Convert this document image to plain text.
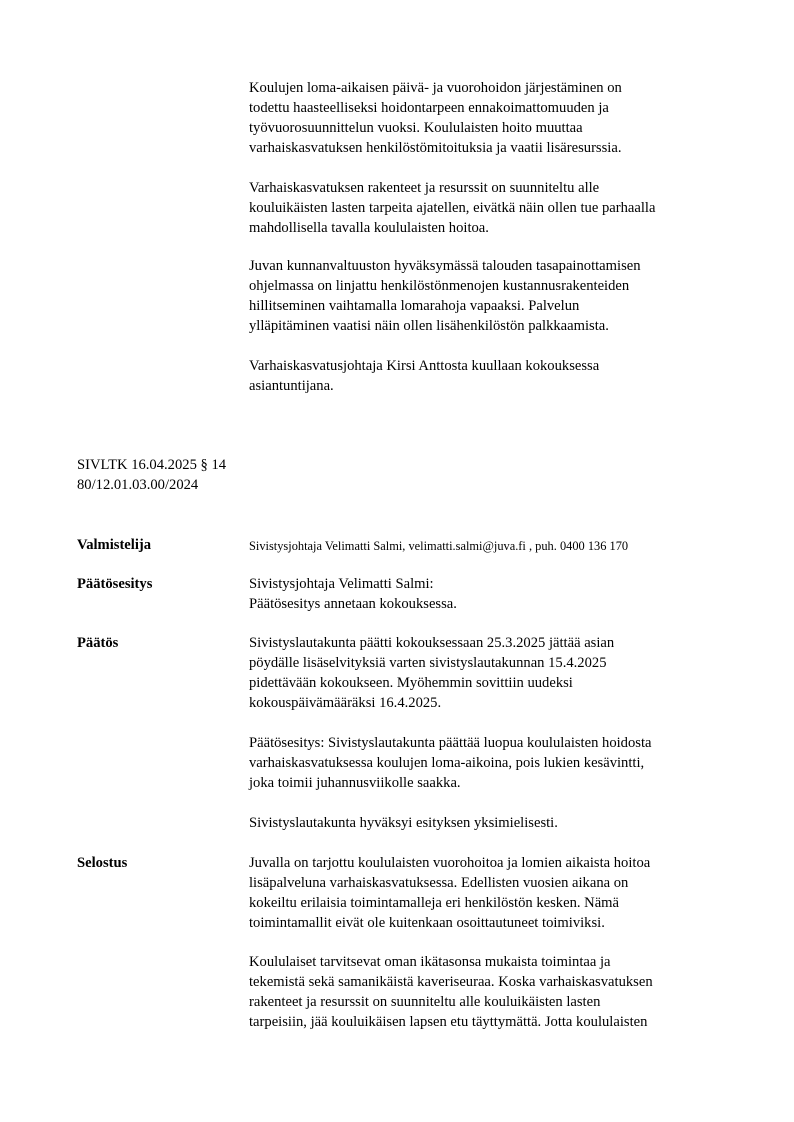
Koulujen loma-aikaisen päivä- ja vuorohoidon järjestäminen on
todettu haasteelliseksi hoidontarpeen ennakoimattomuuden ja
työvuorosuunnittelun vuoksi. Koululaisten hoito muuttaa
varhaiskasvatuksen henkilöstömitoituksia ja vaatii lisäresurssia.
Varhaiskasvatuksen rakenteet ja resurssit on suunniteltu alle
kouluikäisten lasten tarpeita ajatellen, eivätkä näin ollen tue parhaalla
mahdollisella tavalla koululaisten hoitoa.
Juvan kunnanvaltuuston hyväksymässä talouden tasapainottamisen
ohjelmassa on linjattu henkilöstönmenojen kustannusrakenteiden
hillitseminen vaihtamalla lomarahoja vapaaksi. Palvelun
ylläpitäminen vaatisi näin ollen lisähenkilöstön palkkaamista.
Varhaiskasvatusjohtaja Kirsi Anttosta kuullaan kokouksessa
asiantuntijana.
SIVLTK 16.04.2025 § 14
80/12.01.03.00/2024
Valmistelija	Sivistysjohtaja Velimatti Salmi, velimatti.salmi@juva.fi , puh. 0400 136 170
Päätösesitys	Sivistysjohtaja Velimatti Salmi:
Päätösesitys annetaan kokouksessa.
Päätös	Sivistyslautakunta päätti kokouksessaan 25.3.2025 jättää asian
pöydälle lisäselvityksiä varten sivistyslautakunnan 15.4.2025
pidettävään kokoukseen. Myöhemmin sovittiin uudeksi
kokouspäivämääräksi 16.4.2025.
Päätösesitys: Sivistyslautakunta päättää luopua koululaisten hoidosta
varhaiskasvatuksessa koulujen loma-aikoina, pois lukien kesävintti,
joka toimii juhannusviikolle saakka.
Sivistyslautakunta hyväksyi esityksen yksimielisesti.
Selostus	Juvalla on tarjottu koululaisten vuorohoitoa ja lomien aikaista hoitoa
lisäpalveluna varhaiskasvatuksessa. Edellisten vuosien aikana on
kokeiltu erilaisia toimintamalleja eri henkilöstön kesken. Nämä
toimintamallit eivät ole kuitenkaan osoittautuneet toimiviksi.
Koululaiset tarvitsevat oman ikätasonsa mukaista toimintaa ja
tekemistä sekä samanikäistä kaveriseuraa. Koska varhaiskasvatuksen
rakenteet ja resurssit on suunniteltu alle kouluikäisten lasten
tarpeisiin, jää kouluikäisen lapsen etu täyttymättä. Jotta koululaisten
